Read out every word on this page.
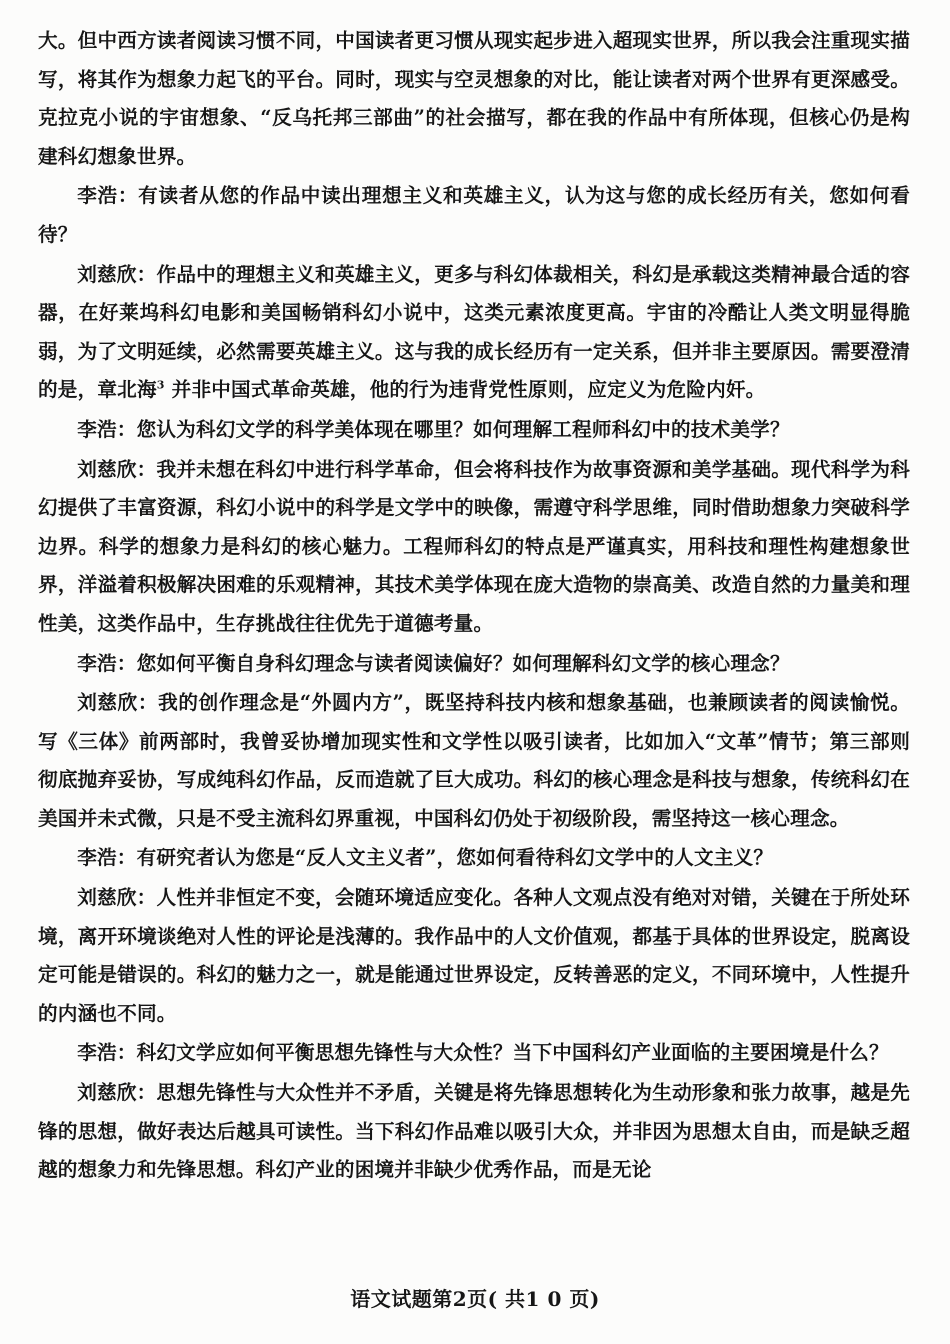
大。但中西方读者阅读习惯不同，中国读者更习惯从现实起步进入超现实世界，所以我会注重现实描写，将其作为想象力起飞的平台。同时，现实与空灵想象的对比，能让读者对两个世界有更深感受。克拉克小说的宇宙想象、“反乌托邦三部曲”的社会描写，都在我的作品中有所体现，但核心仍是构建科幻想象世界。

李浩：有读者从您的作品中读出理想主义和英雄主义，认为这与您的成长经历有关，您如何看待？

刘慈欣：作品中的理想主义和英雄主义，更多与科幻体裁相关，科幻是承载这类精神最合适的容器，在好莱坞科幻电影和美国畅销科幻小说中，这类元素浓度更高。宇宙的冷酷让人类文明显得脆弱，为了文明延续，必然需要英雄主义。这与我的成长经历有一定关系，但并非主要原因。需要澄清的是，章北海$^3$ 并非中国式革命英雄，他的行为违背党性原则，应定义为危险内奸。

李浩：您认为科幻文学的科学美体现在哪里？如何理解工程师科幻中的技术美学？

刘慈欣：我并未想在科幻中进行科学革命，但会将科技作为故事资源和美学基础。现代科学为科幻提供了丰富资源，科幻小说中的科学是文学中的映像，需遵守科学思维，同时借助想象力突破科学边界。科学的想象力是科幻的核心魅力。工程师科幻的特点是严谨真实，用科技和理性构建想象世界，洋溢着积极解决困难的乐观精神，其技术美学体现在庞大造物的崇高美、改造自然的力量美和理性美，这类作品中，生存挑战往往优先于道德考量。

李浩：您如何平衡自身科幻理念与读者阅读偏好？如何理解科幻文学的核心理念？

刘慈欣：我的创作理念是“外圆内方”，既坚持科技内核和想象基础，也兼顾读者的阅读愉悦。写《三体》前两部时，我曾妥协增加现实性和文学性以吸引读者，比如加入“文革”情节；第三部则彻底抛弃妥协，写成纯科幻作品，反而造就了巨大成功。科幻的核心理念是科技与想象，传统科幻在美国并未式微，只是不受主流科幻界重视，中国科幻仍处于初级阶段，需坚持这一核心理念。

李浩：有研究者认为您是“反人文主义者”，您如何看待科幻文学中的人文主义？

刘慈欣：人性并非恒定不变，会随环境适应变化。各种人文观点没有绝对对错，关键在于所处环境，离开环境谈绝对人性的评论是浅薄的。我作品中的人文价值观，都基于具体的世界设定，脱离设定可能是错误的。科幻的魅力之一，就是能通过世界设定，反转善恶的定义，不同环境中，人性提升的内涵也不同。

李浩：科幻文学应如何平衡思想先锋性与大众性？当下中国科幻产业面临的主要困境是什么？

刘慈欣：思想先锋性与大众性并不矛盾，关键是将先锋思想转化为生动形象和张力故事，越是先锋的思想，做好表达后越具可读性。当下科幻作品难以吸引大众，并非因为思想太自由，而是缺乏超越的想象力和先锋思想。科幻产业的困境并非缺少优秀作品，而是无论

语文试题第2页( 共1 0 页)
